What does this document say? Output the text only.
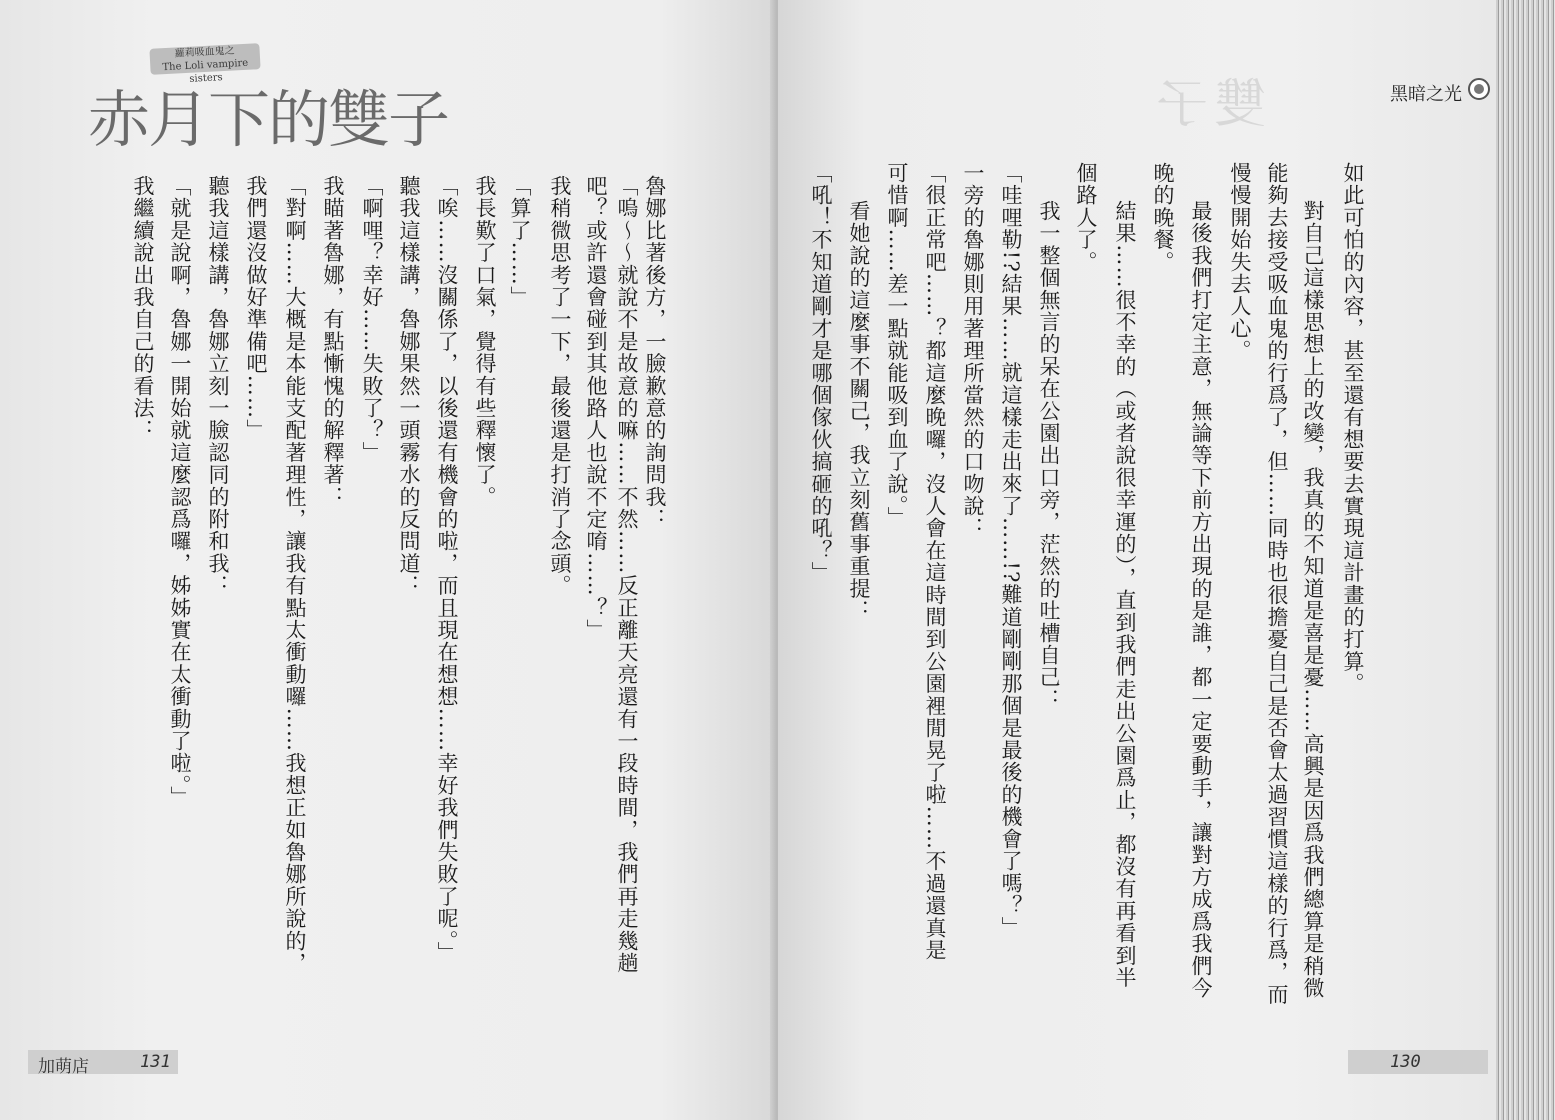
蘿莉吸血鬼之
The Loli vampire sisters
赤月下的雙子
魯娜比著後方，一臉歉意的詢問我：
「嗚～～就說不是故意的嘛……不然……反正離天亮還有一段時間，我們再走幾趟
吧？或許還會碰到其他路人也說不定唷……？」
我稍微思考了一下，最後還是打消了念頭。
「算了……」
我長歎了口氣，覺得有些釋懷了。
「唉……沒關係了，以後還有機會的啦，而且現在想想……幸好我們失敗了呢。」
聽我這樣講，魯娜果然一頭霧水的反問道：
「啊哩？幸好……失敗了？」
我瞄著魯娜，有點慚愧的解釋著：
「對啊……大概是本能支配著理性，讓我有點太衝動囉……我想正如魯娜所說的，
我們還沒做好準備吧……」
聽我這樣講，魯娜立刻一臉認同的附和我：
「就是說啊，魯娜一開始就這麼認爲囉，姊姊實在太衝動了啦。」
我繼續說出我自己的看法：
加萌店	131
如此可怕的內容，甚至還有想要去實現這計畫的打算。
對自己這樣思想上的改變，我真的不知道是喜是憂……高興是因爲我們總算是稍微
能夠去接受吸血鬼的行爲了，但……同時也很擔憂自己是否會太過習慣這樣的行爲，而
慢慢開始失去人心。
最後我們打定主意，無論等下前方出現的是誰，都一定要動手，讓對方成爲我們今
晚的晚餐。
結果……很不幸的（或者說很幸運的），直到我們走出公園爲止，都沒有再看到半
個路人了。
我一整個無言的呆在公園出口旁，茫然的吐槽自己：
「哇哩勒!?結果……就這樣走出來了……!?難道剛剛那個是最後的機會了嗎？」
一旁的魯娜則用著理所當然的口吻說：
「很正常吧……？都這麼晚囉，沒人會在這時間到公園裡閒晃了啦……不過還真是
可惜啊……差一點就能吸到血了說。」
看她說的這麼事不關己，我立刻舊事重提：
「吼！不知道剛才是哪個傢伙搞砸的吼？」
130
雙子	黑暗之光
